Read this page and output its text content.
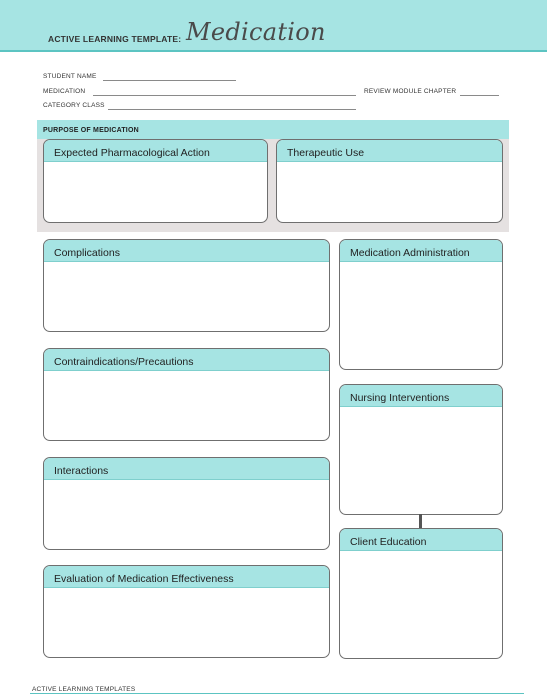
ACTIVE LEARNING TEMPLATE: Medication
STUDENT NAME
MEDICATION	REVIEW MODULE CHAPTER
CATEGORY CLASS
PURPOSE OF MEDICATION
Expected Pharmacological Action	Therapeutic Use
Complications
Contraindications/Precautions
Interactions
Evaluation of Medication Effectiveness
Medication Administration
Nursing Interventions
Client Education
ACTIVE LEARNING TEMPLATES
